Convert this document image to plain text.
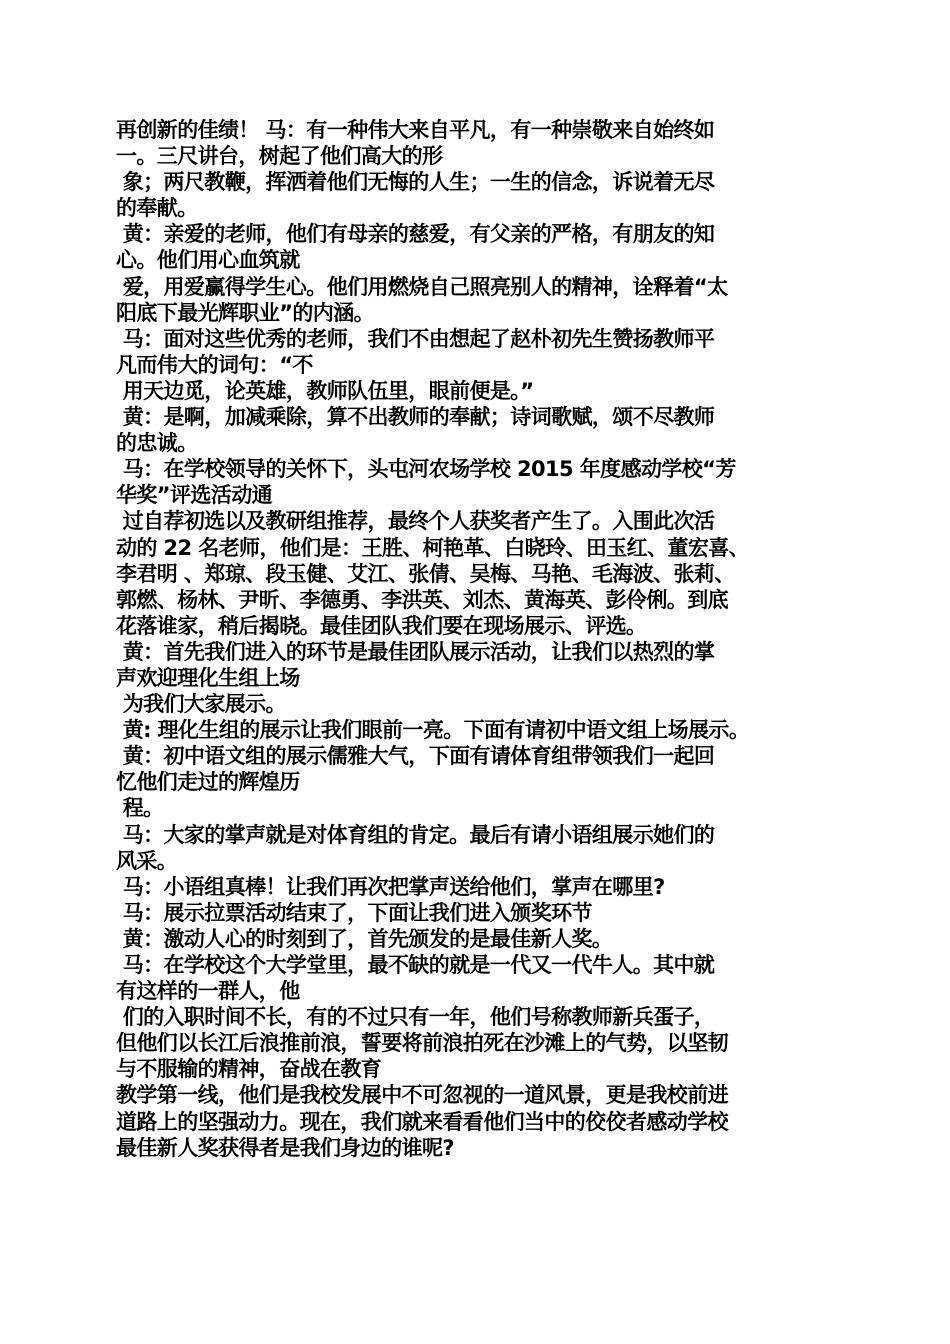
再创新的佳绩！ 马：有一种伟大来自平凡，有一种崇敬来自始终如

一。三尺讲台，树起了他们高大的形

象；两尺教鞭，挥洒着他们无悔的人生；一生的信念，诉说着无尽

的奉献。

黄：亲爱的老师，他们有母亲的慈爱，有父亲的严格，有朋友的知

心。他们用心血筑就

爱，用爱赢得学生心。他们用燃烧自己照亮别人的精神，诠释着“太

阳底下最光辉职业”的内涵。

马：面对这些优秀的老师，我们不由想起了赵朴初先生赞扬教师平

凡而伟大的词句：“不

用天边觅，论英雄，教师队伍里，眼前便是。”

黄：是啊，加减乘除，算不出教师的奉献；诗词歌赋，颂不尽教师

的忠诚。

马：在学校领导的关怀下，头屯河农场学校 2015 年度感动学校“芳

华奖”评选活动通

过自荐初选以及教研组推荐，最终个人获奖者产生了。入围此次活

动的 22 名老师，他们是：王胜、柯艳革、白晓玲、田玉红、董宏喜、

李君明 、郑琼、段玉健、艾江、张倩、吴梅、马艳、毛海波、张莉、

郭燃、杨林、尹昕、李德勇、李洪英、刘杰、黄海英、彭伶俐。到底

花落谁家，稍后揭晓。最佳团队我们要在现场展示、评选。

黄：首先我们进入的环节是最佳团队展示活动，让我们以热烈的掌

声欢迎理化生组上场

为我们大家展示。

黄: 理化生组的展示让我们眼前一亮。下面有请初中语文组上场展示。

黄：初中语文组的展示儒雅大气，下面有请体育组带领我们一起回

忆他们走过的辉煌历

程。

马：大家的掌声就是对体育组的肯定。最后有请小语组展示她们的

风采。

马：小语组真棒！让我们再次把掌声送给他们，掌声在哪里?

马：展示拉票活动结束了，下面让我们进入颁奖环节

黄：激动人心的时刻到了，首先颁发的是最佳新人奖。

马：在学校这个大学堂里，最不缺的就是一代又一代牛人。其中就

有这样的一群人，他

们的入职时间不长，有的不过只有一年，他们号称教师新兵蛋子，

但他们以长江后浪推前浪，誓要将前浪拍死在沙滩上的气势，以坚韧

与不服输的精神，奋战在教育

教学第一线，他们是我校发展中不可忽视的一道风景，更是我校前进

道路上的坚强动力。现在，我们就来看看他们当中的佼佼者感动学校

最佳新人奖获得者是我们身边的谁呢?
